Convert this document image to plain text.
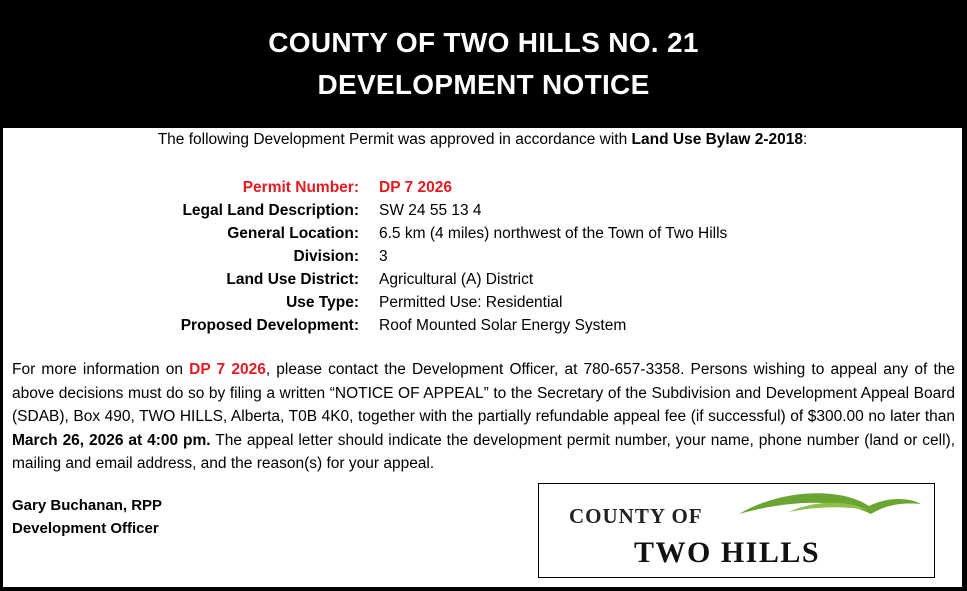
COUNTY OF TWO HILLS NO. 21
DEVELOPMENT NOTICE
The following Development Permit was approved in accordance with Land Use Bylaw 2-2018:
Permit Number: DP 7 2026
Legal Land Description: SW 24 55 13 4
General Location: 6.5 km (4 miles) northwest of the Town of Two Hills
Division: 3
Land Use District: Agricultural (A) District
Use Type: Permitted Use: Residential
Proposed Development: Roof Mounted Solar Energy System
For more information on DP 7 2026, please contact the Development Officer, at 780-657-3358. Persons wishing to appeal any of the above decisions must do so by filing a written “NOTICE OF APPEAL” to the Secretary of the Subdivision and Development Appeal Board (SDAB), Box 490, TWO HILLS, Alberta, T0B 4K0, together with the partially refundable appeal fee (if successful) of $300.00 no later than March 26, 2026 at 4:00 pm. The appeal letter should indicate the development permit number, your name, phone number (land or cell), mailing and email address, and the reason(s) for your appeal.
Gary Buchanan, RPP
Development Officer
COUNTY OF
TWO HILLS
